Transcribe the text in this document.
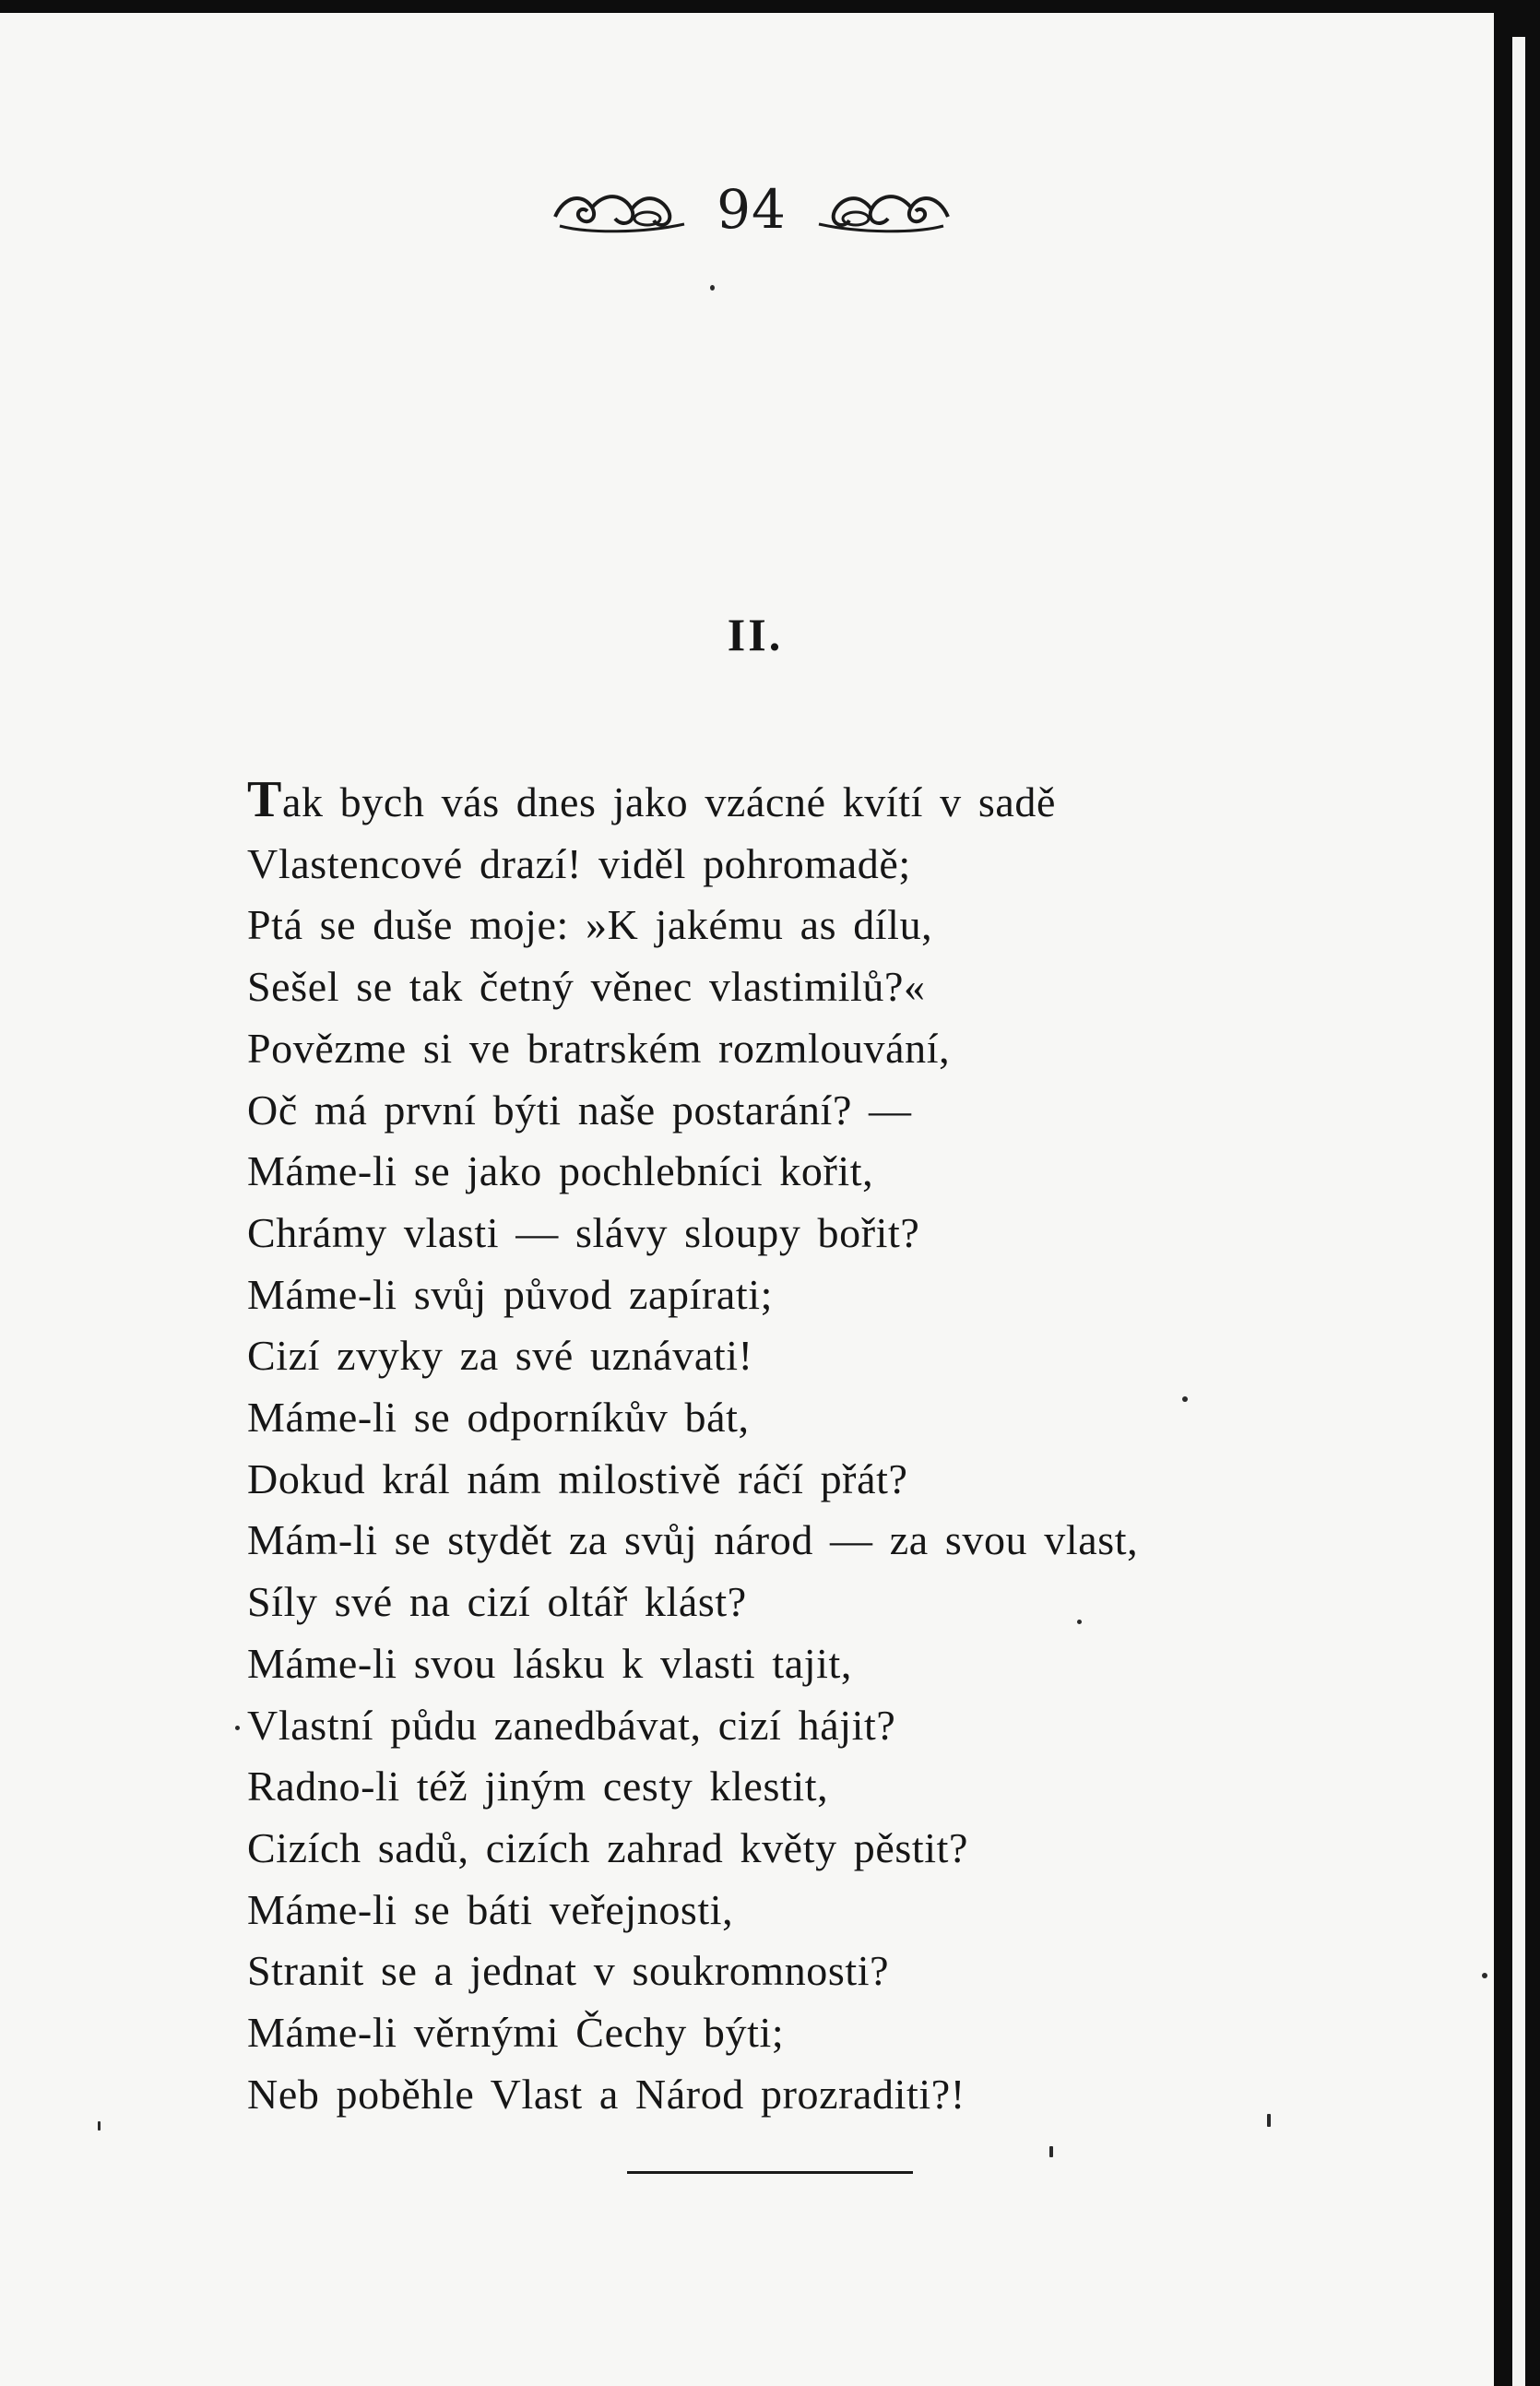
94
II.
Tak bych vás dnes jako vzácné kvítí v sadě
Vlastencové drazí! viděl pohromadě;
Ptá se duše moje: »K jakému as dílu,
Sešel se tak četný věnec vlastimilů?«
Povězme si ve bratrském rozmlouvání,
Oč má první býti naše postarání? —
Máme-li se jako pochlebníci kořit,
Chrámy vlasti — slávy sloupy bořit?
Máme-li svůj původ zapírati;
Cizí zvyky za své uznávati!
Máme-li se odporníkův bát,
Dokud král nám milostivě ráčí přát?
Mám-li se stydět za svůj národ — za svou vlast,
Síly své na cizí oltář klást?
Máme-li svou lásku k vlasti tajit,
Vlastní půdu zanedbávat, cizí hájit?
Radno-li též jiným cesty klestit,
Cizích sadů, cizích zahrad květy pěstit?
Máme-li se báti veřejnosti,
Stranit se a jednat v soukromnosti?
Máme-li věrnými Čechy býti;
Neb poběhle Vlast a Národ prozraditi?!
